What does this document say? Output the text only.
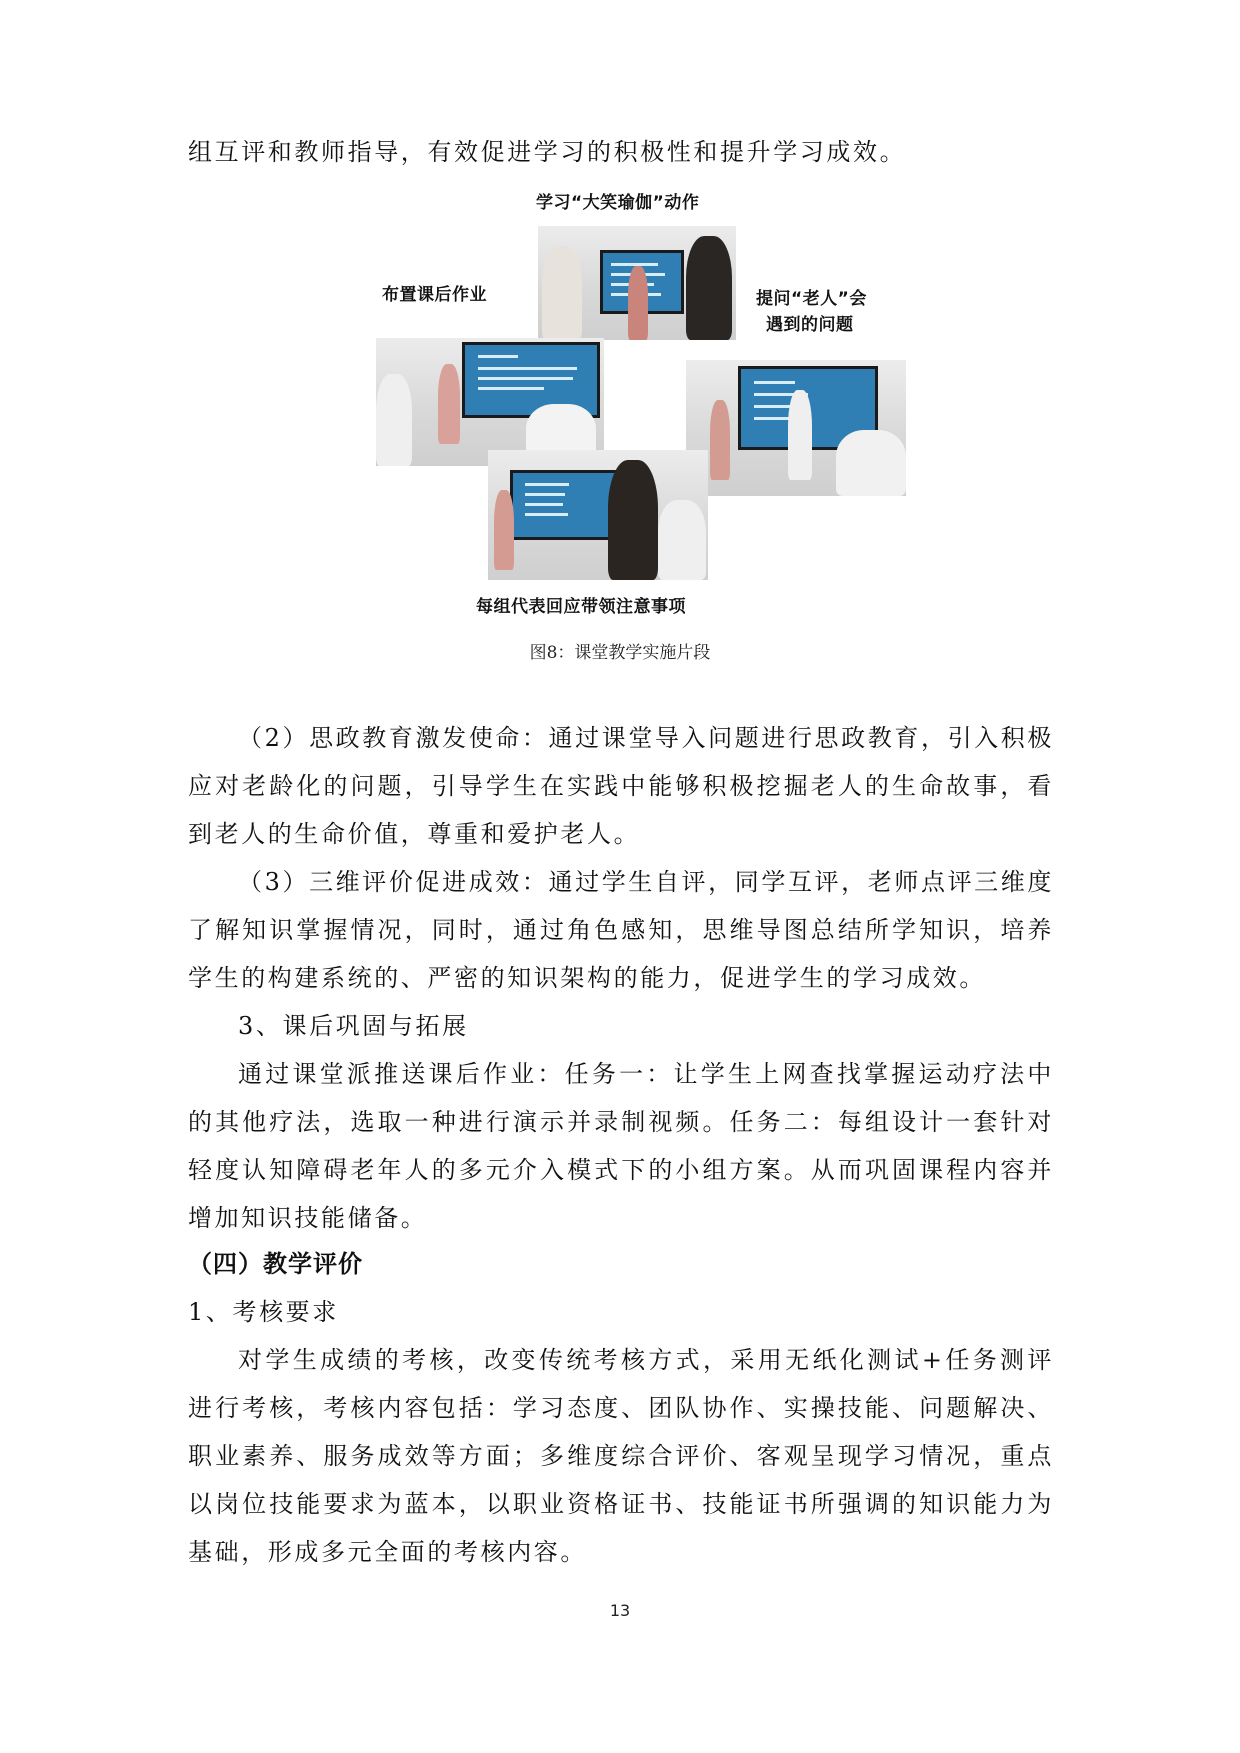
组互评和教师指导，有效促进学习的积极性和提升学习成效。

学习“大笑瑜伽”动作
布置课后作业	提问“老人”会
遇到的问题
每组代表回应带领注意事项
图8：课堂教学实施片段

（2）思政教育激发使命：通过课堂导入问题进行思政教育，引入积极应对老龄化的问题，引导学生在实践中能够积极挖掘老人的生命故事，看到老人的生命价值，尊重和爱护老人。

（3）三维评价促进成效：通过学生自评，同学互评，老师点评三维度了解知识掌握情况，同时，通过角色感知，思维导图总结所学知识，培养学生的构建系统的、严密的知识架构的能力，促进学生的学习成效。

3、课后巩固与拓展

通过课堂派推送课后作业：任务一：让学生上网查找掌握运动疗法中的其他疗法，选取一种进行演示并录制视频。任务二：每组设计一套针对轻度认知障碍老年人的多元介入模式下的小组方案。从而巩固课程内容并增加知识技能储备。

（四）教学评价

1、考核要求

对学生成绩的考核，改变传统考核方式，采用无纸化测试+任务测评进行考核，考核内容包括：学习态度、团队协作、实操技能、问题解决、职业素养、服务成效等方面；多维度综合评价、客观呈现学习情况，重点以岗位技能要求为蓝本，以职业资格证书、技能证书所强调的知识能力为基础，形成多元全面的考核内容。

13
